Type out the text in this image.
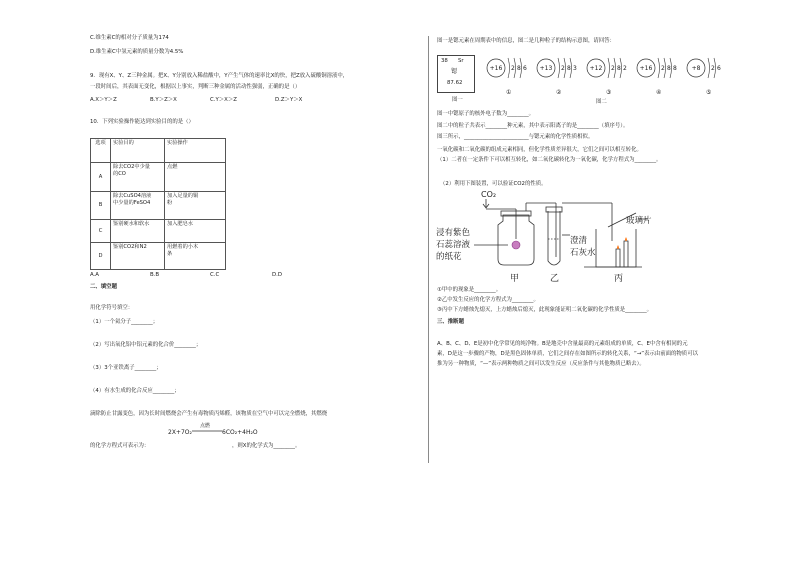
C.维生素C的相对分子质量为174
D.维生素C中氢元素的质量分数为4.5%
9．现有X、Y、Z三种金属。把X、Y分别放入稀盐酸中，Y产生气体的速率比X的快，把Z放入硫酸铜溶液中，
一段时间后，其表面无变化，根据以上事实，判断三种金属的活动性强弱，正确的是（）
A.X＞Y＞Z	B.Y＞Z＞X	C.Y＞X＞Z	D.Z＞Y＞X
10．下列实验操作能达到实验目的的是（）
选项	实验目的	实验操作
A	除去CO2中少量
的CO	点燃
B	除去CuSO4溶液
中少量的FeSO4	加入足量的铜
粉
C	鉴别硬水和软水	加入肥皂水
D	鉴别CO2和N2	用燃着的小木
条
A.A	B.B	C.C	D.D
二、填空题
用化学符号填空：
（1）一个氦分子________；
（2）写出氧化铝中铝元素的化合价________；
（3）3个亚铁离子________；
（4）有水生成的化合反应________；
滴除防止甘露变色，因为长时间燃烧会产生有毒物质丙烯醛，该物质在空气中可以完全燃烧，其燃烧
点燃
2X+7O₂	6CO₂+4H₂O
的化学方程式可表示为：	，则X的化学式为________。
图一是锶元素在周期表中的信息，图二是几种粒子的结构示意图，请回答：
38 Sr
锶
87.62
图一
+16 2 8 6
①
+13 2 8 3
②
+12 2 8 2
③
+16 2 8 8
④
+8 2 6
⑤
图二
图一中锶原子的核外电子数为________。
图二中的粒子共表示________种元素，其中表示阳离子的是________（填序号）。
图三所示，________________________与锶元素的化学性质相似。
一氧化碳和二氧化碳的组成元素相同，但化学性质差异很大，它们之间可以相互转化。
（1）二者在一定条件下可以相互转化，如二氧化碳转化为一氧化碳，化学方程式为________。
（2）利用下图装置，可以验证CO2的性质。
CO₂
浸有紫色
石蕊溶液
的纸花
澄清
石灰水
玻璃片
甲	乙	丙
①甲中的现象是________。
②乙中发生反应的化学方程式为________。
③丙中下方蜡烛先熄灭，上方蜡烛后熄灭，此现象能证明二氧化碳的化学性质是________。
三、推断题
A、B、C、D、E是初中化学常见的纯净物。B是地壳中含量最高的元素组成的单质，C、E中含有相同的元
素，D是这一步骤的产物，D是黑色固体单质，它们之间存在如图所示的转化关系，“→”表示由前面的物质可以
推为另一种物质，“—”表示两种物质之间可以发生反应（反应条件与其他物质已略去）。
